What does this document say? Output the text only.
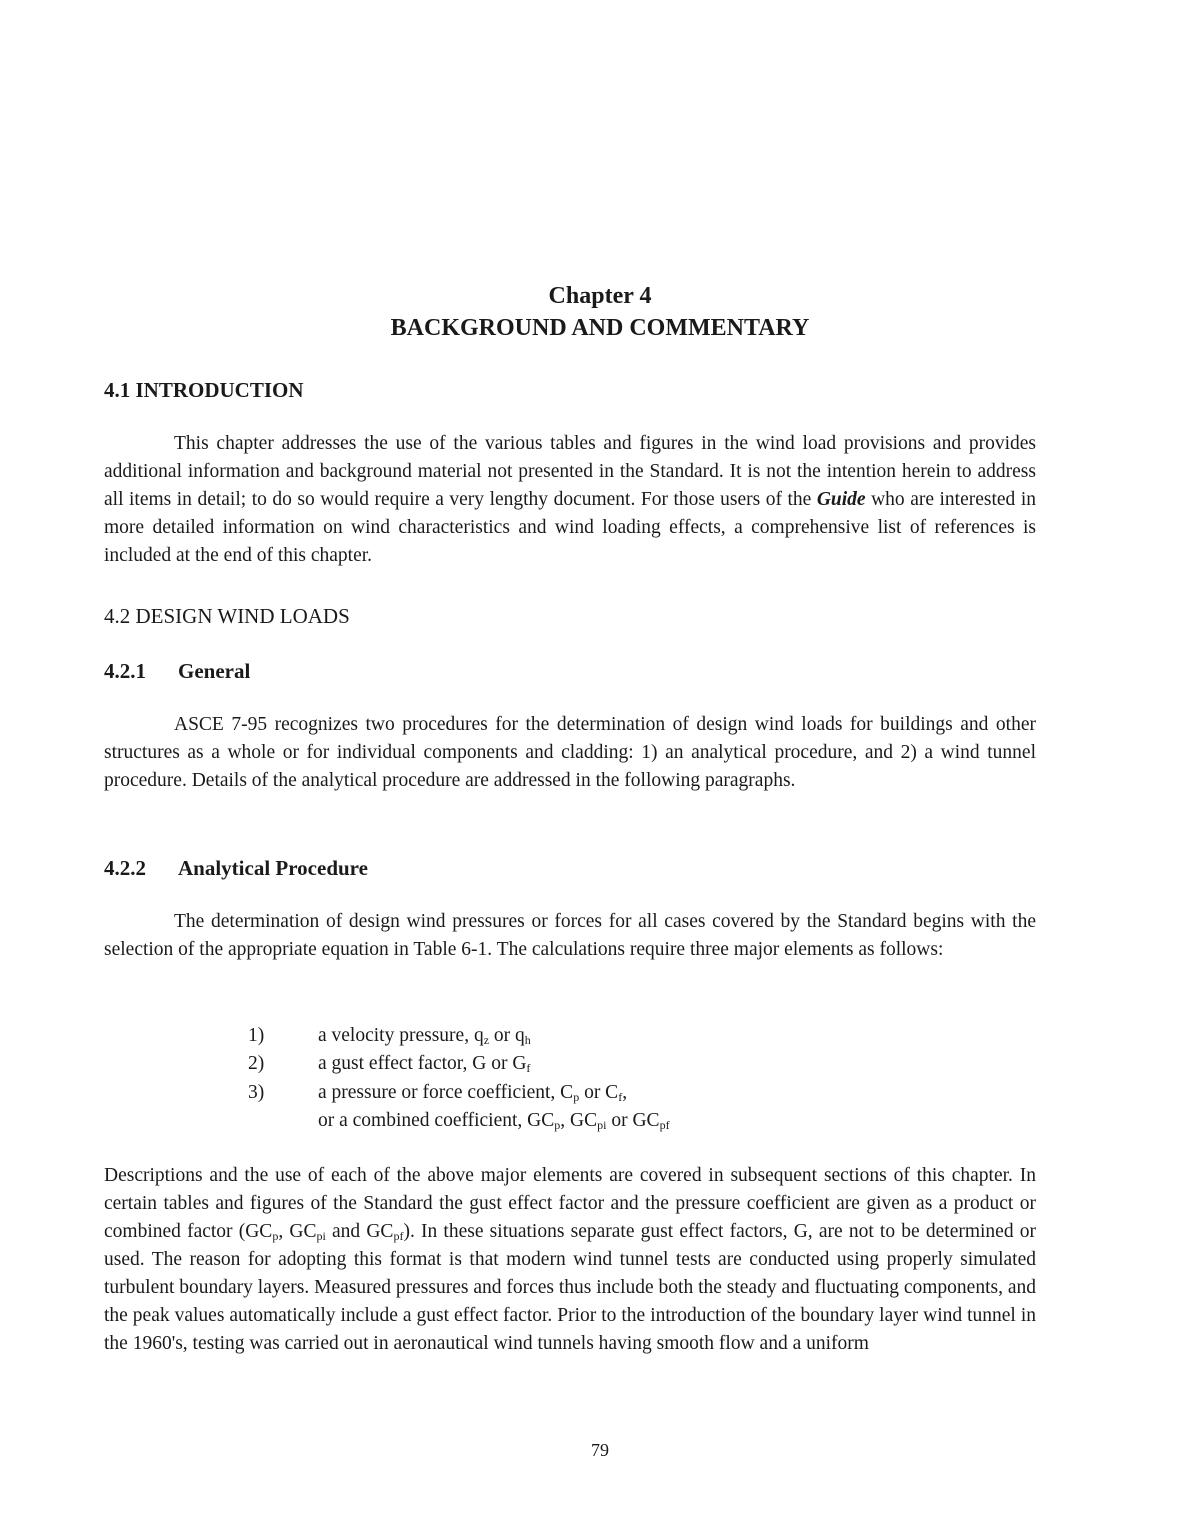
Chapter 4
BACKGROUND AND COMMENTARY
4.1 INTRODUCTION
This chapter addresses the use of the various tables and figures in the wind load provisions and provides additional information and background material not presented in the Standard. It is not the intention herein to address all items in detail; to do so would require a very lengthy document. For those users of the Guide who are interested in more detailed information on wind characteristics and wind loading effects, a comprehensive list of references is included at the end of this chapter.
4.2 DESIGN WIND LOADS
4.2.1 General
ASCE 7-95 recognizes two procedures for the determination of design wind loads for buildings and other structures as a whole or for individual components and cladding: 1) an analytical procedure, and 2) a wind tunnel procedure. Details of the analytical procedure are addressed in the following paragraphs.
4.2.2 Analytical Procedure
The determination of design wind pressures or forces for all cases covered by the Standard begins with the selection of the appropriate equation in Table 6-1. The calculations require three major elements as follows:
1)	a velocity pressure, $q_z$ or $q_h$
2)	a gust effect factor, G or $G_f$
3)	a pressure or force coefficient, $C_p$ or $C_f$,
or a combined coefficient, $GC_p$, $GC_{pi}$ or $GC_{pf}$
Descriptions and the use of each of the above major elements are covered in subsequent sections of this chapter. In certain tables and figures of the Standard the gust effect factor and the pressure coefficient are given as a product or combined factor ($GC_p$, $GC_{pi}$ and $GC_{pf}$). In these situations separate gust effect factors, G, are not to be determined or used. The reason for adopting this format is that modern wind tunnel tests are conducted using properly simulated turbulent boundary layers. Measured pressures and forces thus include both the steady and fluctuating components, and the peak values automatically include a gust effect factor. Prior to the introduction of the boundary layer wind tunnel in the 1960's, testing was carried out in aeronautical wind tunnels having smooth flow and a uniform
79
